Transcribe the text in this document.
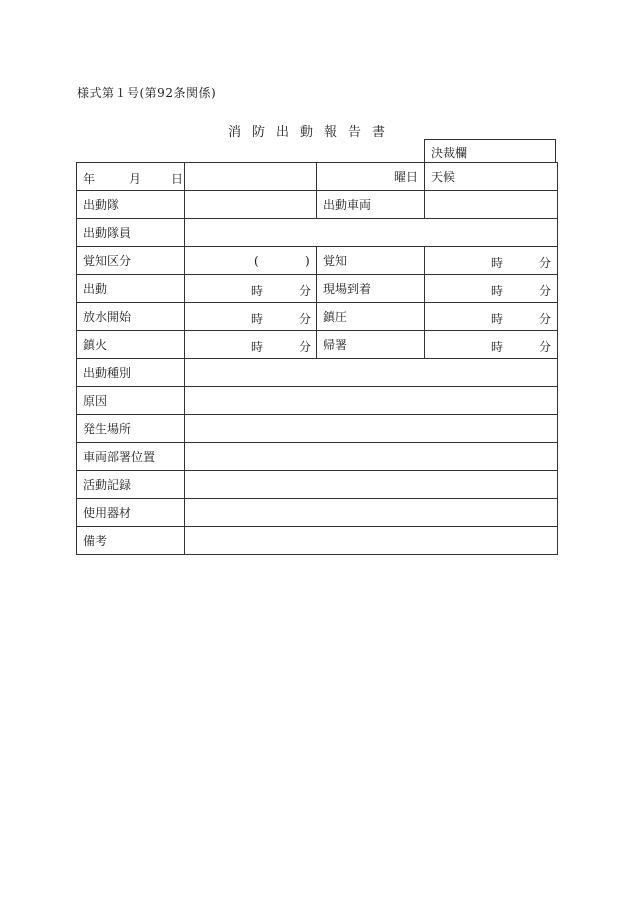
様式第１号(第92条関係)
消防出動報告書
決裁欄
年 月 日		曜日	天候
出動隊		出動車両	
出動隊員			
覚知区分	( )	覚知	時 分

出動	時 分	現場到着	時 分

放水開始	時 分	鎮圧	時 分

鎮火	時 分	帰署	時 分

出動種別			
原因			
発生場所			
車両部署位置			
活動記録			
使用器材			
備考			
